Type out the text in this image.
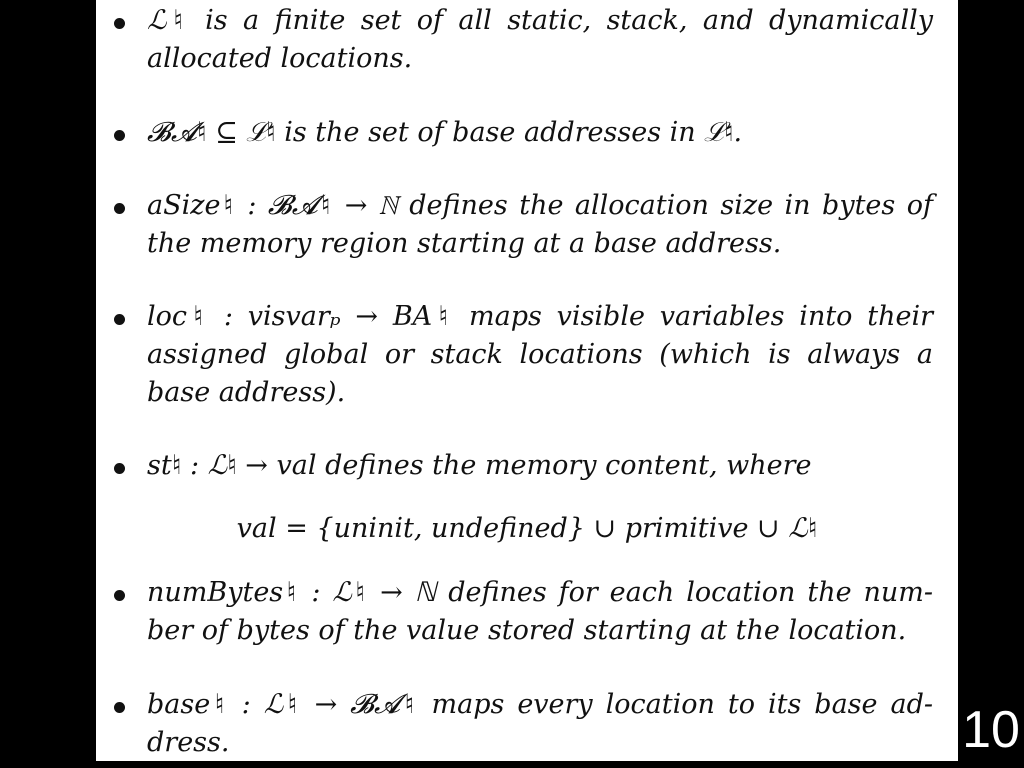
ℒ♮ is a finite set of all static, stack, and dynamically
allocated locations.
𝓑𝓐♮ ⊆ ℒ♮ is the set of base addresses in ℒ♮.
aSize♮ : 𝓑𝓐♮ → ℕ defines the allocation size in bytes of
the memory region starting at a base address.
loc♮ : visvarₚ → BA♮ maps visible variables into their
assigned global or stack locations (which is always a
base address).
st♮ : ℒ♮ → val defines the memory content, where
val = {uninit, undefined} ∪ primitive ∪ ℒ♮
numBytes♮ : ℒ♮ → ℕ defines for each location the num-
ber of bytes of the value stored starting at the location.
base♮ : ℒ♮ → 𝓑𝓐♮ maps every location to its base ad-
dress.	10
